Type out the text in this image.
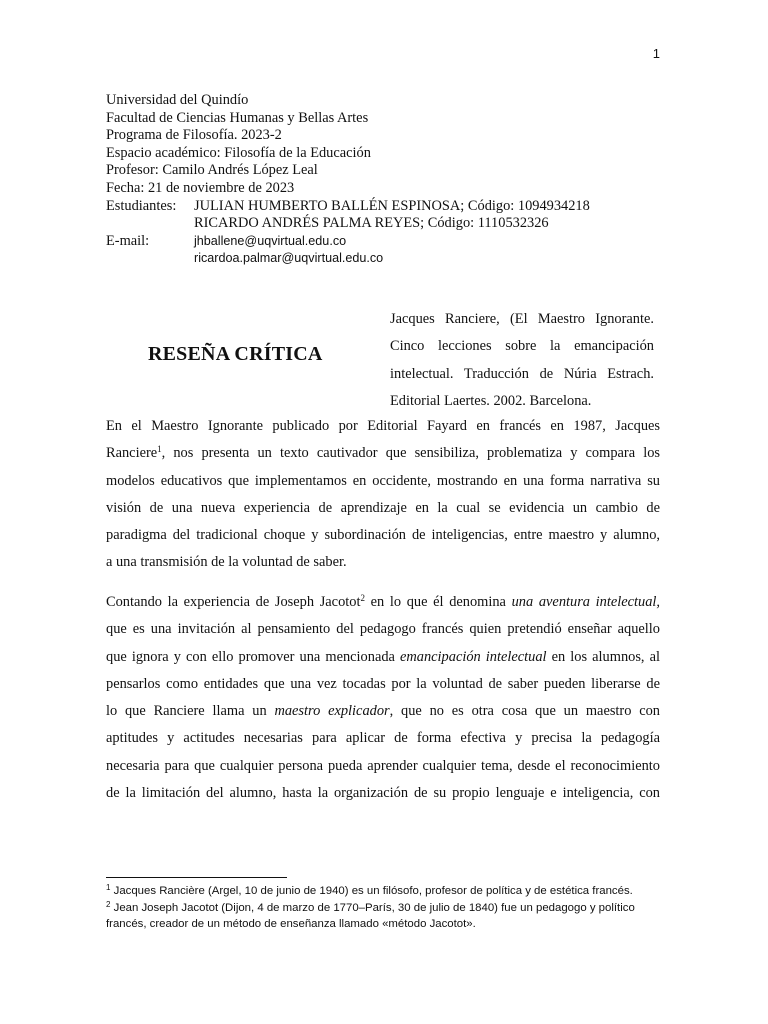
1
Universidad del Quindío
Facultad de Ciencias Humanas y Bellas Artes
Programa de Filosofía. 2023-2
Espacio académico: Filosofía de la Educación
Profesor: Camilo Andrés López Leal
Fecha: 21 de noviembre de 2023
Estudiantes:	JULIAN HUMBERTO BALLÉN ESPINOSA; Código: 1094934218
RICARDO ANDRÉS PALMA REYES; Código: 1110532326
E-mail:	jhballene@uqvirtual.edu.co
ricardoa.palmar@uqvirtual.edu.co
RESEÑA CRÍTICA
Jacques Ranciere, (El Maestro Ignorante.
Cinco lecciones sobre la emancipación
intelectual. Traducción de Núria Estrach.
Editorial Laertes. 2002. Barcelona.
En el Maestro Ignorante publicado por Editorial Fayard en francés en 1987, Jacques
Ranciere$^1$, nos presenta un texto cautivador que sensibiliza, problematiza y compara los
modelos educativos que implementamos en occidente, mostrando en una forma narrativa su
visión de una nueva experiencia de aprendizaje en la cual se evidencia un cambio de
paradigma del tradicional choque y subordinación de inteligencias, entre maestro y alumno,
a una transmisión de la voluntad de saber.
Contando la experiencia de Joseph Jacotot$^2$ en lo que él denomina una aventura intelectual,
que es una invitación al pensamiento del pedagogo francés quien pretendió enseñar aquello
que ignora y con ello promover una mencionada emancipación intelectual en los alumnos, al
pensarlos como entidades que una vez tocadas por la voluntad de saber pueden liberarse de
lo que Ranciere llama un maestro explicador, que no es otra cosa que un maestro con
aptitudes y actitudes necesarias para aplicar de forma efectiva y precisa la pedagogía
necesaria para que cualquier persona pueda aprender cualquier tema, desde el reconocimiento
de la limitación del alumno, hasta la organización de su propio lenguaje e inteligencia, con
$^1$ Jacques Rancière (Argel, 10 de junio de 1940) es un filósofo, profesor de política y de estética francés.
$^2$ Jean Joseph Jacotot (Dijon, 4 de marzo de 1770–París, 30 de julio de 1840) fue un pedagogo y político
francés, creador de un método de enseñanza llamado «método Jacotot».
